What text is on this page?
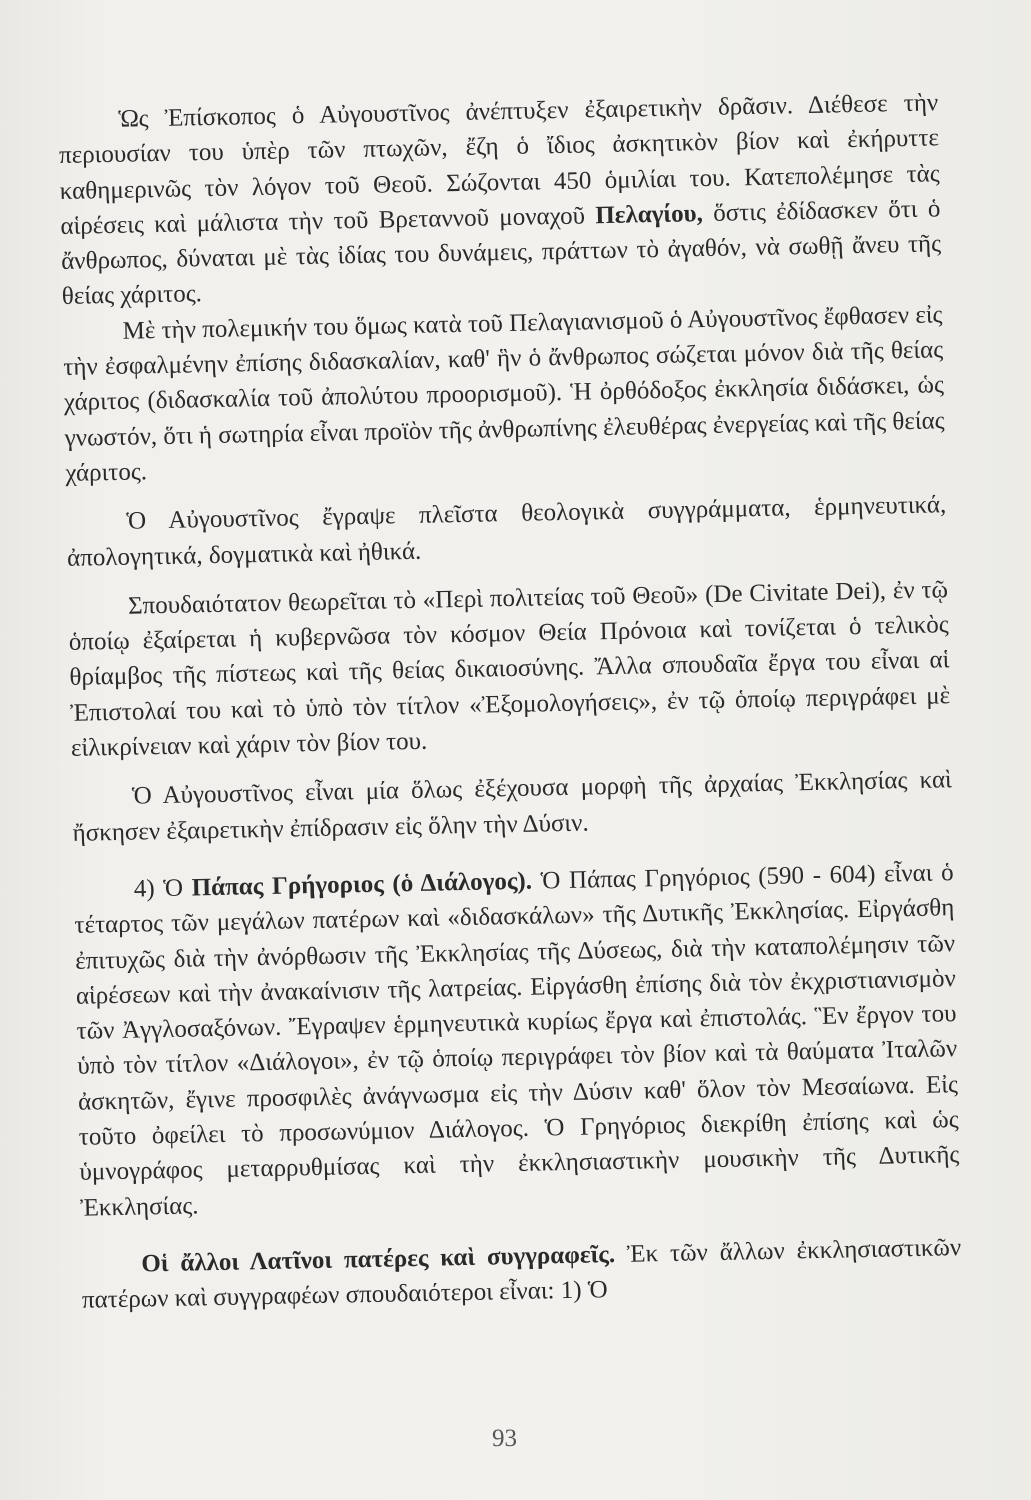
Ὡς Ἐπίσκοπος ὁ Αὐγουστῖνος ἀνέπτυξεν ἐξαιρετικὴν δρᾶσιν. Διέθεσε τὴν περιουσίαν του ὑπὲρ τῶν πτωχῶν, ἔζη ὁ ἴδιος ἀσκητικὸν βίον καὶ ἐκήρυττε καθημερινῶς τὸν λόγον τοῦ Θεοῦ. Σώζονται 450 ὁμιλίαι του. Κατεπολέμησε τὰς αἱρέσεις καὶ μάλιστα τὴν τοῦ Βρεταννοῦ μοναχοῦ Πελαγίου, ὅστις ἐδίδασκεν ὅτι ὁ ἄνθρωπος, δύναται μὲ τὰς ἰδίας του δυνάμεις, πράττων τὸ ἀγαθόν, νὰ σωθῇ ἄνευ τῆς θείας χάριτος.

Μὲ τὴν πολεμικήν του ὅμως κατὰ τοῦ Πελαγιανισμοῦ ὁ Αὐγουστῖνος ἔφθασεν εἰς τὴν ἐσφαλμένην ἐπίσης διδασκαλίαν, καθ' ἣν ὁ ἄνθρωπος σώζεται μόνον διὰ τῆς θείας χάριτος (διδασκαλία τοῦ ἀπολύτου προορισμοῦ). Ἡ ὀρθόδοξος ἐκκλησία διδάσκει, ὡς γνωστόν, ὅτι ἡ σωτηρία εἶναι προϊὸν τῆς ἀνθρωπίνης ἐλευθέρας ἐνεργείας καὶ τῆς θείας χάριτος.

Ὁ Αὐγουστῖνος ἔγραψε πλεῖστα θεολογικὰ συγγράμματα, ἑρμηνευτικά, ἀπολογητικά, δογματικὰ καὶ ἠθικά.

Σπουδαιότατον θεωρεῖται τὸ «Περὶ πολιτείας τοῦ Θεοῦ» (De Civitate Dei), ἐν τῷ ὁποίῳ ἐξαίρεται ἡ κυβερνῶσα τὸν κόσμον Θεία Πρόνοια καὶ τονίζεται ὁ τελικὸς θρίαμβος τῆς πίστεως καὶ τῆς θείας δικαιοσύνης. Ἄλλα σπουδαῖα ἔργα του εἶναι αἱ Ἐπιστολαί του καὶ τὸ ὑπὸ τὸν τίτλον «Ἐξομολογήσεις», ἐν τῷ ὁποίῳ περιγράφει μὲ εἰλικρίνειαν καὶ χάριν τὸν βίον του.

Ὁ Αὐγουστῖνος εἶναι μία ὅλως ἐξέχουσα μορφὴ τῆς ἀρχαίας Ἐκκλησίας καὶ ἤσκησεν ἐξαιρετικὴν ἐπίδρασιν εἰς ὅλην τὴν Δύσιν.

4) Ὁ Πάπας Γρήγοριος (ὁ Διάλογος). Ὁ Πάπας Γρηγόριος (590 - 604) εἶναι ὁ τέταρτος τῶν μεγάλων πατέρων καὶ «διδασκάλων» τῆς Δυτικῆς Ἐκκλησίας. Εἰργάσθη ἐπιτυχῶς διὰ τὴν ἀνόρθωσιν τῆς Ἐκκλησίας τῆς Δύσεως, διὰ τὴν καταπολέμησιν τῶν αἱρέσεων καὶ τὴν ἀνακαίνισιν τῆς λατρείας. Εἰργάσθη ἐπίσης διὰ τὸν ἐκχριστιανισμὸν τῶν Ἀγγλοσαξόνων. Ἔγραψεν ἑρμηνευτικὰ κυρίως ἔργα καὶ ἐπιστολάς. Ἓν ἔργον του ὑπὸ τὸν τίτλον «Διάλογοι», ἐν τῷ ὁποίῳ περιγράφει τὸν βίον καὶ τὰ θαύματα Ἰταλῶν ἀσκητῶν, ἔγινε προσφιλὲς ἀνάγνωσμα εἰς τὴν Δύσιν καθ' ὅλον τὸν Μεσαίωνα. Εἰς τοῦτο ὀφείλει τὸ προσωνύμιον Διάλογος. Ὁ Γρηγόριος διεκρίθη ἐπίσης καὶ ὡς ὑμνογράφος μεταρρυθμίσας καὶ τὴν ἐκκλησιαστικὴν μουσικὴν τῆς Δυτικῆς Ἐκκλησίας.

Οἱ ἄλλοι Λατῖνοι πατέρες καὶ συγγραφεῖς. Ἐκ τῶν ἄλλων ἐκκλησιαστικῶν πατέρων καὶ συγγραφέων σπουδαιότεροι εἶναι: 1) Ὁ

93
